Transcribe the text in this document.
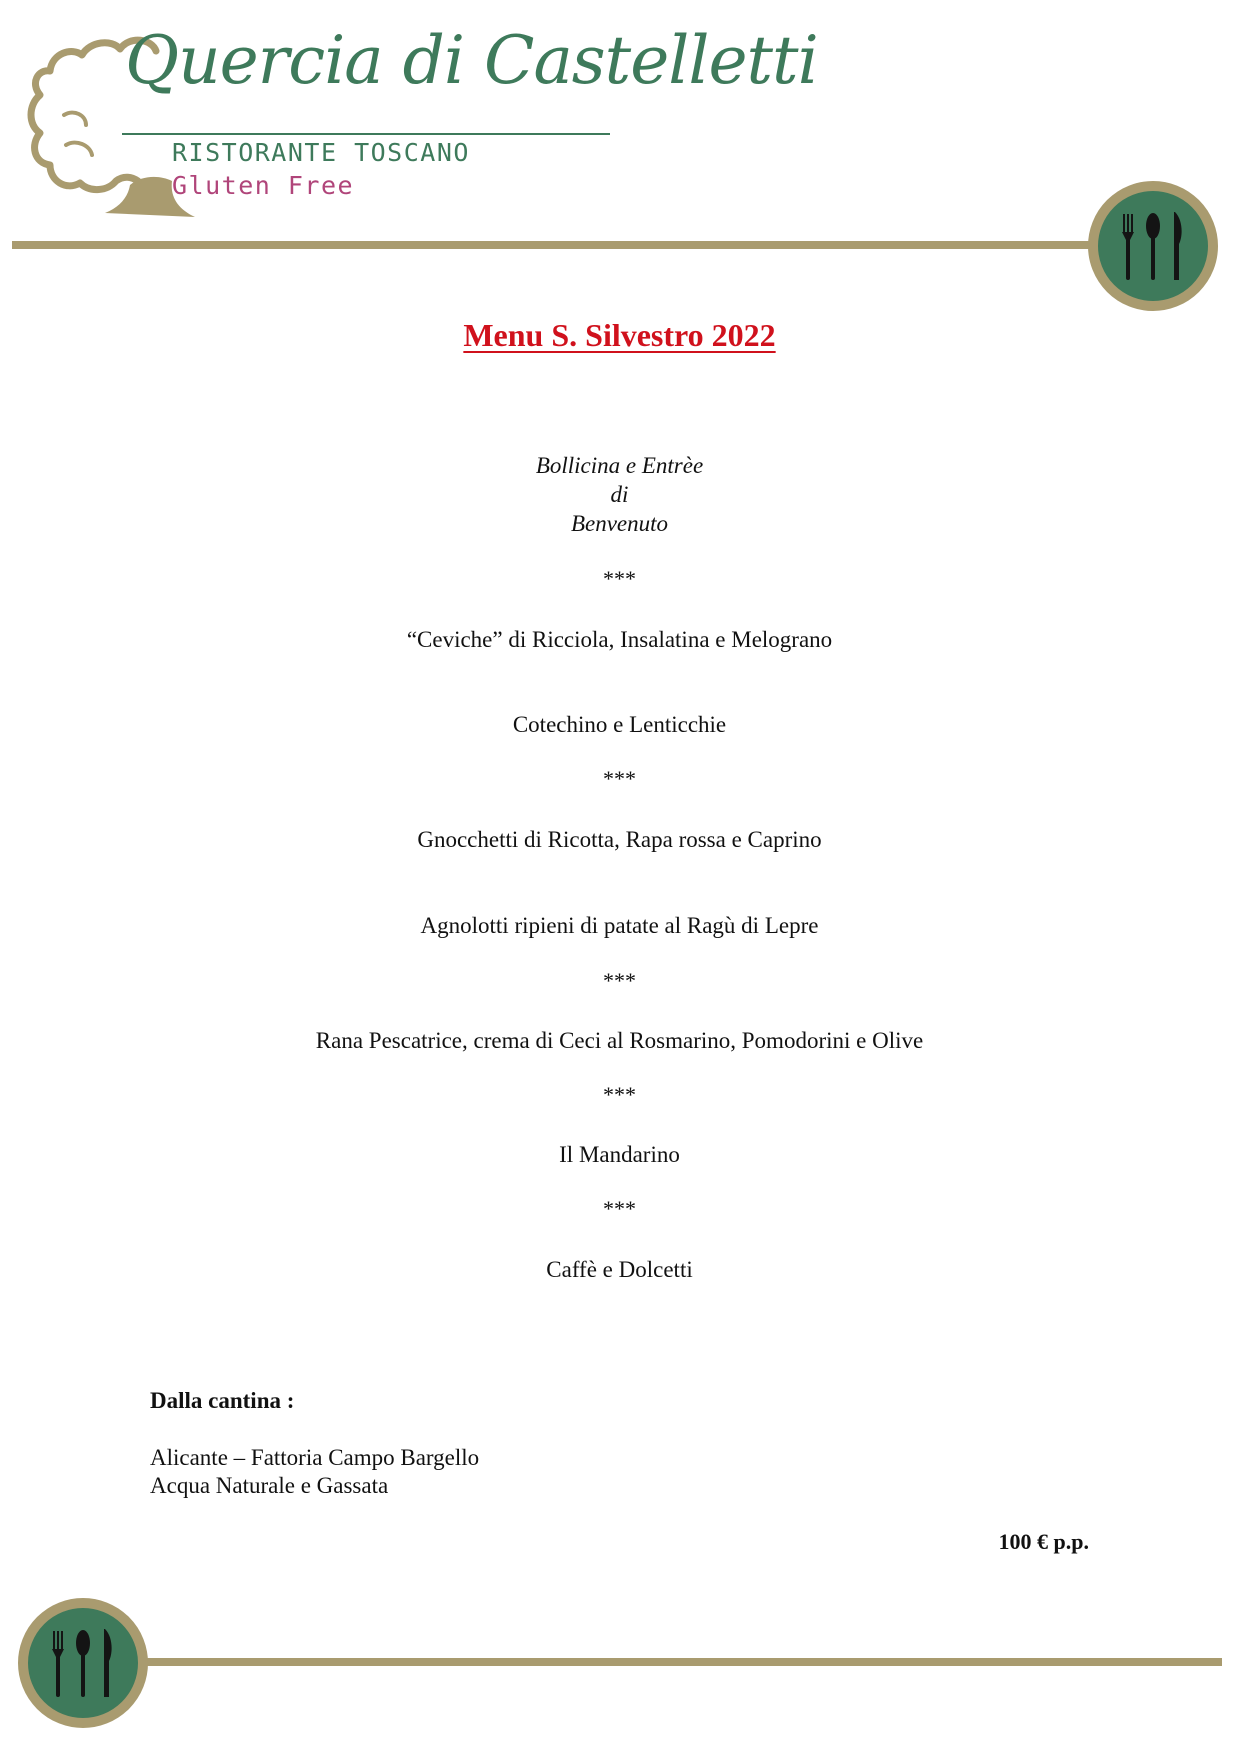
Quercia di Castelletti

RISTORANTE TOSCANO

Gluten Free

Menu S. Silvestro 2022

Bollicina e Entrèe

di

Benvenuto

***

“Ceviche” di Ricciola, Insalatina e Melograno

Cotechino e Lenticchie

***

Gnocchetti di Ricotta, Rapa rossa e Caprino

Agnolotti ripieni di patate al Ragù di Lepre

***

Rana Pescatrice, crema di Ceci al Rosmarino, Pomodorini e Olive

***

Il Mandarino

***

Caffè e Dolcetti

Dalla cantina :

Alicante – Fattoria Campo Bargello

Acqua Naturale e Gassata

100 € p.p.
